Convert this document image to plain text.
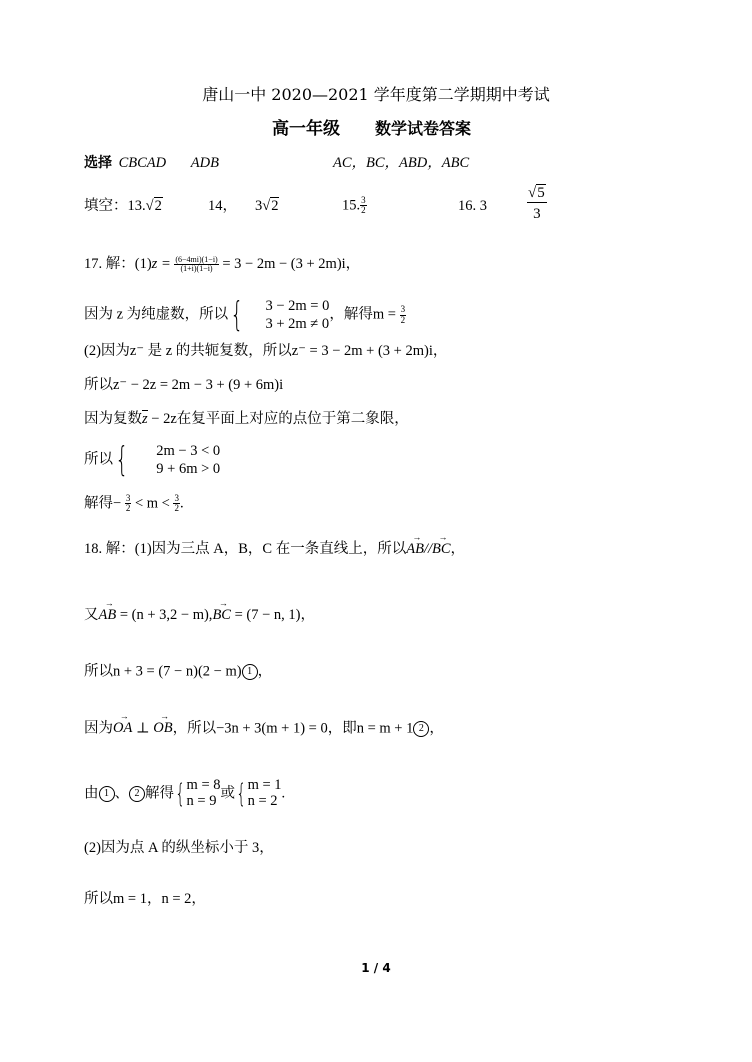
唐山一中 2020—2021 学年度第二学期期中考试
高一年级 数学试卷答案
选择 CBCAD ADB	AC，BC，ABD，ABC
填空：13.√2	14， 3√2	15. $\frac{3}{2}$	16. 3	$\frac{√5}{3}$
17. 解：$(1)z = \frac{(6-4mi)(1-i)}{(1+i)(1-i)} = 3 - 2m - (3 + 2m)i$，
因为 z 为纯虚数，所以{ 3 − 2m = 0
3 + 2m ≠ 0
，解得$m = \frac{3}{2}$
(2)因为z⁻ 是 z 的共轭复数，所以z⁻ = 3 − 2m + (3 + 2m)i，
所以z⁻ − 2z = 2m − 3 + (9 + 6m)i
因为复数z − 2z在复平面上对应的点位于第二象限，
所以{ 2m − 3 < 0
9 + 6m > 0
解得− $\frac{3}{2} < m < \frac{3}{2}$ .
18. 解：(1)因为三点 A，B，C 在一条直线上，所以→ AB//→ BC，
又→ AB = (n + 3,2 − m),→ BC = (7 − n, 1)，
所以n + 3 = (7 − n)(2 − m) 1 ，
因为→ OA ⊥ → OB，所以−3n + 3(m + 1) = 0，即n = m + 1 2 ，
由 1 、 2 解得{ m = 8
n = 9 或{ m = 1
n = 2 .
(2)因为点 A 的纵坐标小于 3，
所以m = 1，n = 2，
1 / 4
